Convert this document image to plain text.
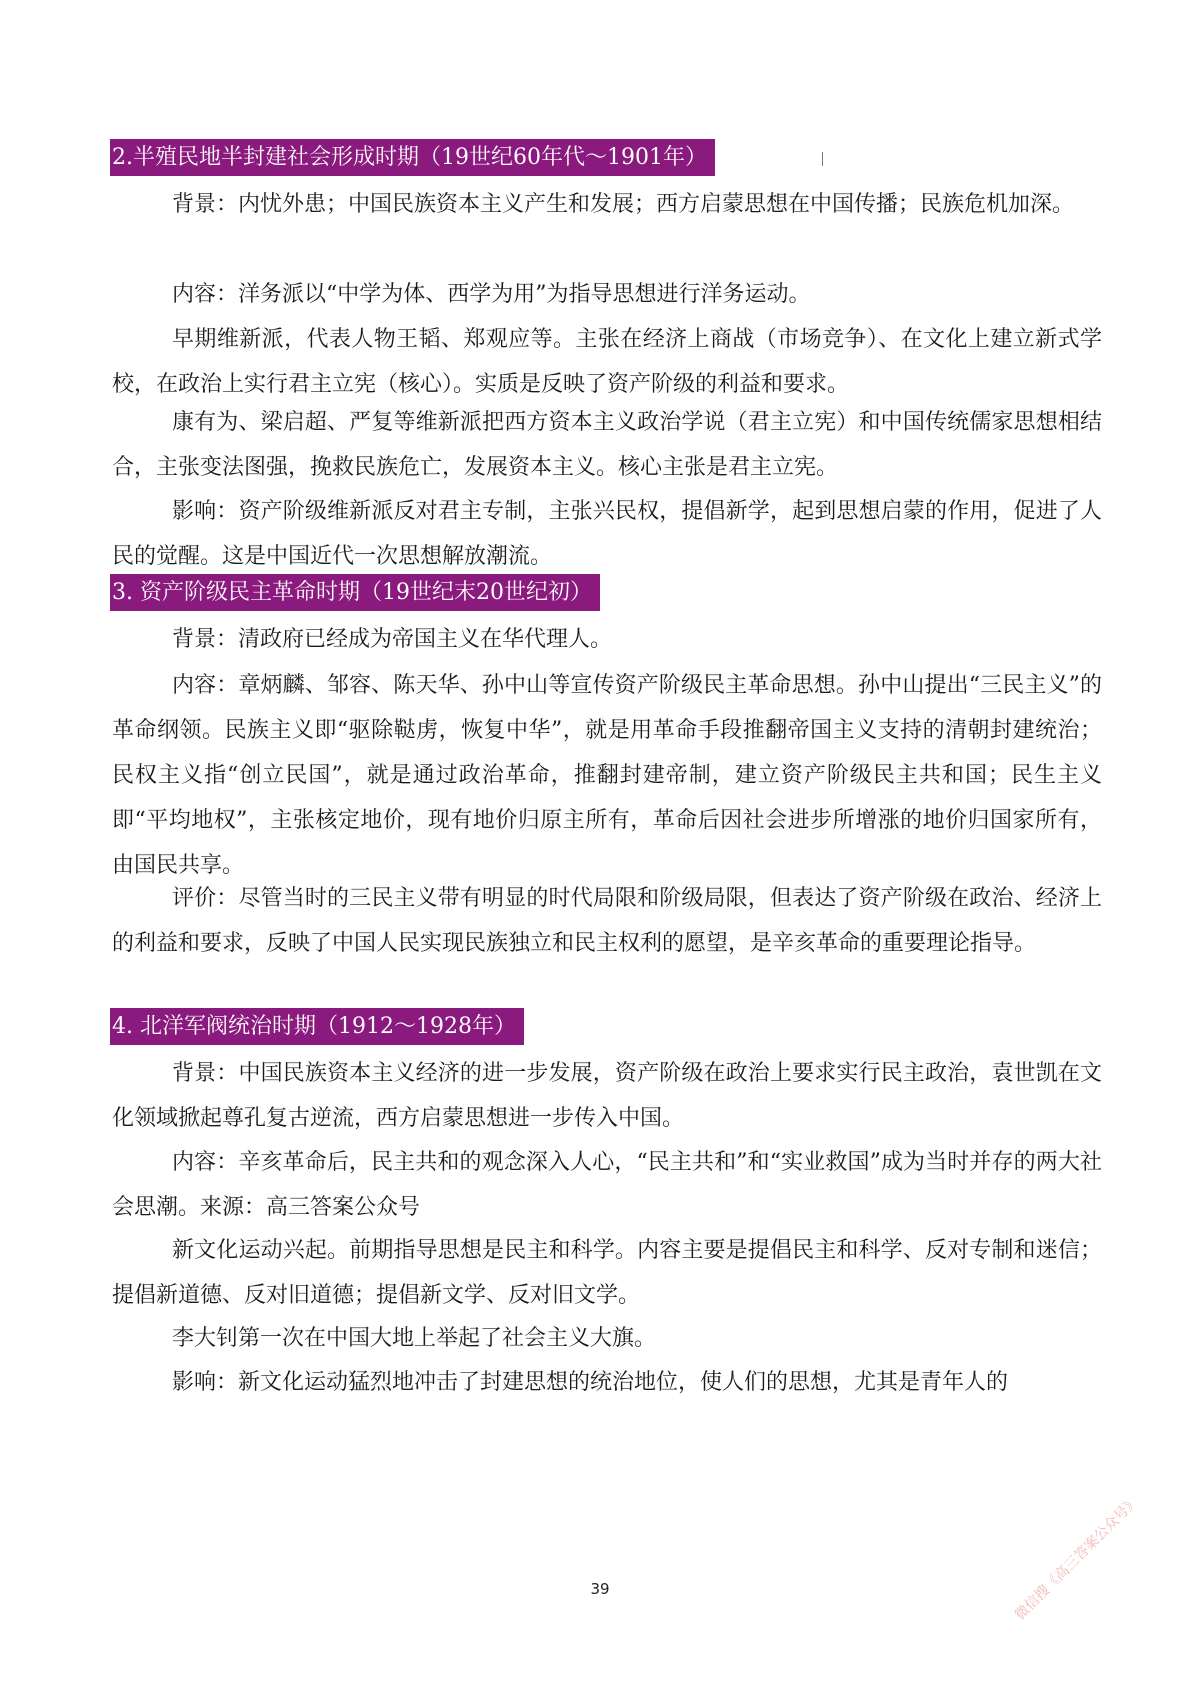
2.半殖民地半封建社会形成时期（19世纪60年代～1901年）

背景：内忧外患；中国民族资本主义产生和发展；西方启蒙思想在中国传播；民族危机加深。

内容：洋务派以“中学为体、西学为用”为指导思想进行洋务运动。

早期维新派，代表人物王韬、郑观应等。主张在经济上商战（市场竞争）、在文化上建立新式学校，在政治上实行君主立宪（核心）。实质是反映了资产阶级的利益和要求。

康有为、梁启超、严复等维新派把西方资本主义政治学说（君主立宪）和中国传统儒家思想相结合，主张变法图强，挽救民族危亡，发展资本主义。核心主张是君主立宪。

影响：资产阶级维新派反对君主专制，主张兴民权，提倡新学，起到思想启蒙的作用，促进了人民的觉醒。这是中国近代一次思想解放潮流。

3. 资产阶级民主革命时期（19世纪末20世纪初）

背景：清政府已经成为帝国主义在华代理人。

内容：章炳麟、邹容、陈天华、孙中山等宣传资产阶级民主革命思想。孙中山提出“三民主义”的革命纲领。民族主义即“驱除鞑虏，恢复中华”，就是用革命手段推翻帝国主义支持的清朝封建统治；民权主义指“创立民国”，就是通过政治革命，推翻封建帝制，建立资产阶级民主共和国；民生主义即“平均地权”，主张核定地价，现有地价归原主所有，革命后因社会进步所增涨的地价归国家所有，由国民共享。

评价：尽管当时的三民主义带有明显的时代局限和阶级局限，但表达了资产阶级在政治、经济上的利益和要求，反映了中国人民实现民族独立和民主权利的愿望，是辛亥革命的重要理论指导。

4. 北洋军阀统治时期（1912～1928年）

背景：中国民族资本主义经济的进一步发展，资产阶级在政治上要求实行民主政治，袁世凯在文化领域掀起尊孔复古逆流，西方启蒙思想进一步传入中国。

内容：辛亥革命后，民主共和的观念深入人心，“民主共和”和“实业救国”成为当时并存的两大社会思潮。来源：高三答案公众号

新文化运动兴起。前期指导思想是民主和科学。内容主要是提倡民主和科学、反对专制和迷信；提倡新道德、反对旧道德；提倡新文学、反对旧文学。

李大钊第一次在中国大地上举起了社会主义大旗。

影响：新文化运动猛烈地冲击了封建思想的统治地位，使人们的思想，尤其是青年人的

39	微信搜《高三答案公众号》
